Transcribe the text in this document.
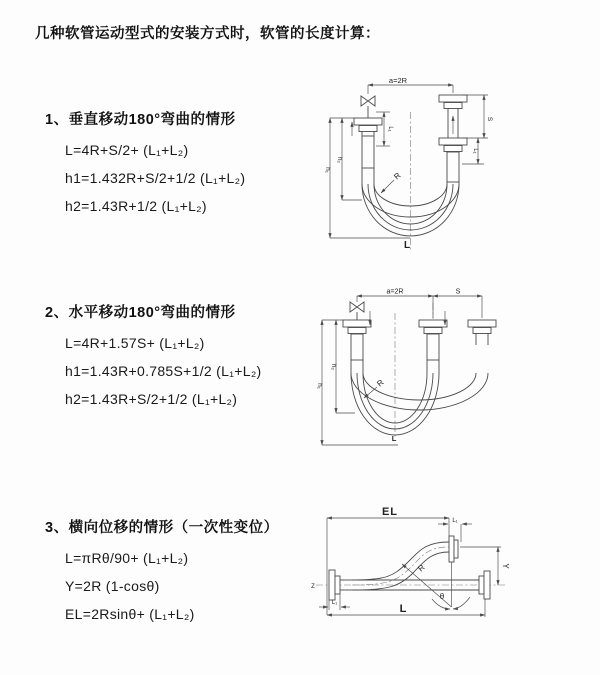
几种软管运动型式的安装方式时，软管的长度计算：
1、垂直移动180°弯曲的情形
L=4R+S/2+ (L₁+L₂)
h1=1.432R+S/2+1/2 (L₁+L₂)
h2=1.43R+1/2 (L₁+L₂)
2、水平移动180°弯曲的情形
L=4R+1.57S+ (L₁+L₂)
h1=1.43R+0.785S+1/2 (L₁+L₂)
h2=1.43R+S/2+1/2 (L₁+L₂)
3、横向位移的情形（一次性变位）
L=πRθ/90+ (L₁+L₂)
Y=2R (1-cosθ)
EL=2Rsinθ+ (L₁+L₂)
a=2R
S
L₁
L₁
h₁
h₂
R
L
a=2R	S
h₁
h₂
R
L
Z
EL
L₁
Y
R
θ
L
L₁
